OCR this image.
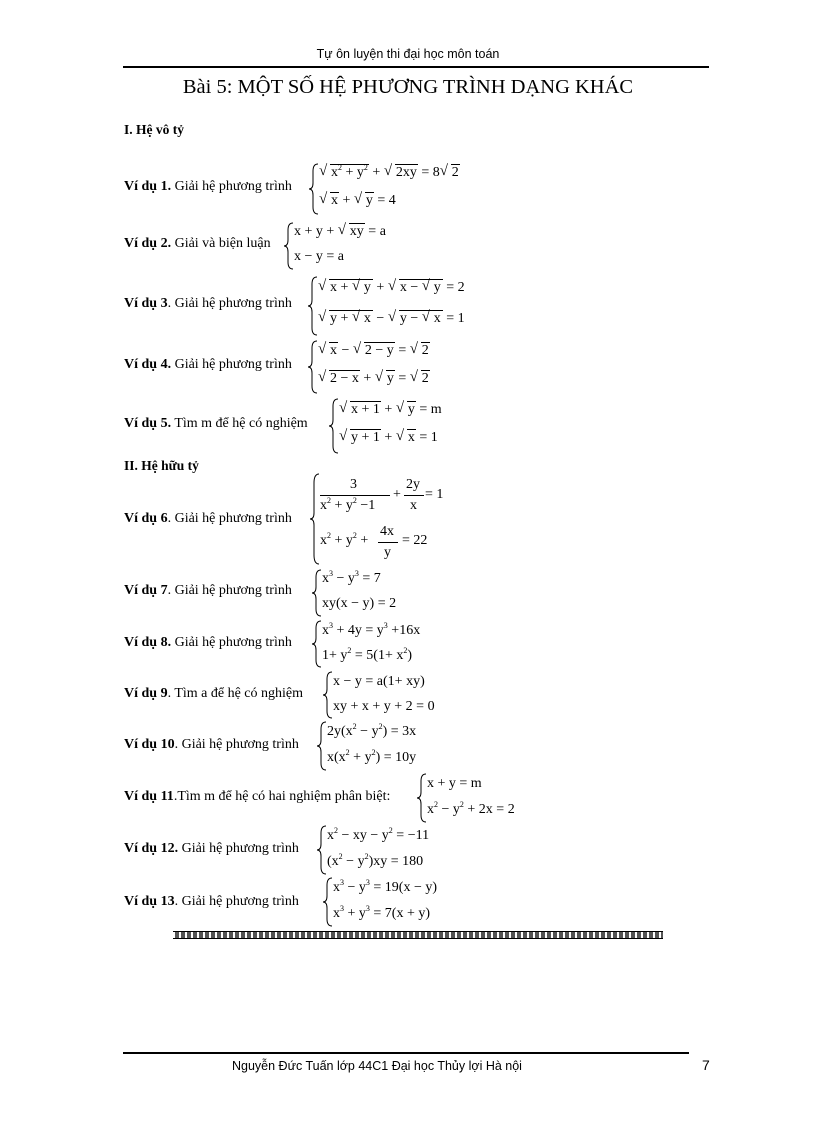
Tự ôn luyện thi đại học môn toán
Bài 5: MỘT SỐ HỆ PHƯƠNG TRÌNH DẠNG KHÁC
I. Hệ vô tỷ
Ví dụ 1. Giải hệ phương trình
√ $x^2 + y^2$ + √ 2xy = 8√ 2
√ x + √ y = 4
Ví dụ 2. Giải và biện luận
x + y + √ xy = a
x − y = a
Ví dụ 3. Giải hệ phương trình
√ x + √ y + √ x − √ y = 2
√ y + √ x − √ y − √ x = 1
Ví dụ 4. Giải hệ phương trình
√ x − √ 2 − y = √ 2
√ 2 − x + √ y = √ 2
Ví dụ 5. Tìm m để hệ có nghiệm
√ x + 1 + √ y = m
√ y + 1 + √ x = 1
II. Hệ hữu tỷ
Ví dụ 6. Giải hệ phương trình
3
$x^2 + y^2 -1$
+
2y
x
= 1
$x^2 + y^2$ +
4x
y
= 22
Ví dụ 7. Giải hệ phương trình
$x^3 - y^3 = 7$
xy(x − y) = 2
Ví dụ 8. Giải hệ phương trình
$x^3 + 4y = y^3 +16x$
$1+ y^2 = 5(1+ x^2)$
Ví dụ 9. Tìm a để hệ có nghiệm
x − y = a(1+ xy)
xy + x + y + 2 = 0
Ví dụ 10. Giải hệ phương trình
$2y(x^2 - y^2) = 3x$
$x(x^2 + y^2) = 10y$
Ví dụ 11.Tìm m để hệ có hai nghiệm phân biệt:
x + y = m
$x^2 - y^2 + 2x = 2$
Ví dụ 12. Giải hệ phương trình
$x^2$ − xy − $y^2 = -11$
$(x^2 - y^2)xy = 180$
Ví dụ 13. Giải hệ phương trình
$x^3 - y^3 = 19(x - y)$
$x^3 + y^3 = 7(x + y)$
Nguyễn Đức Tuấn lớp 44C1 Đại học Thủy lợi Hà nội	7
